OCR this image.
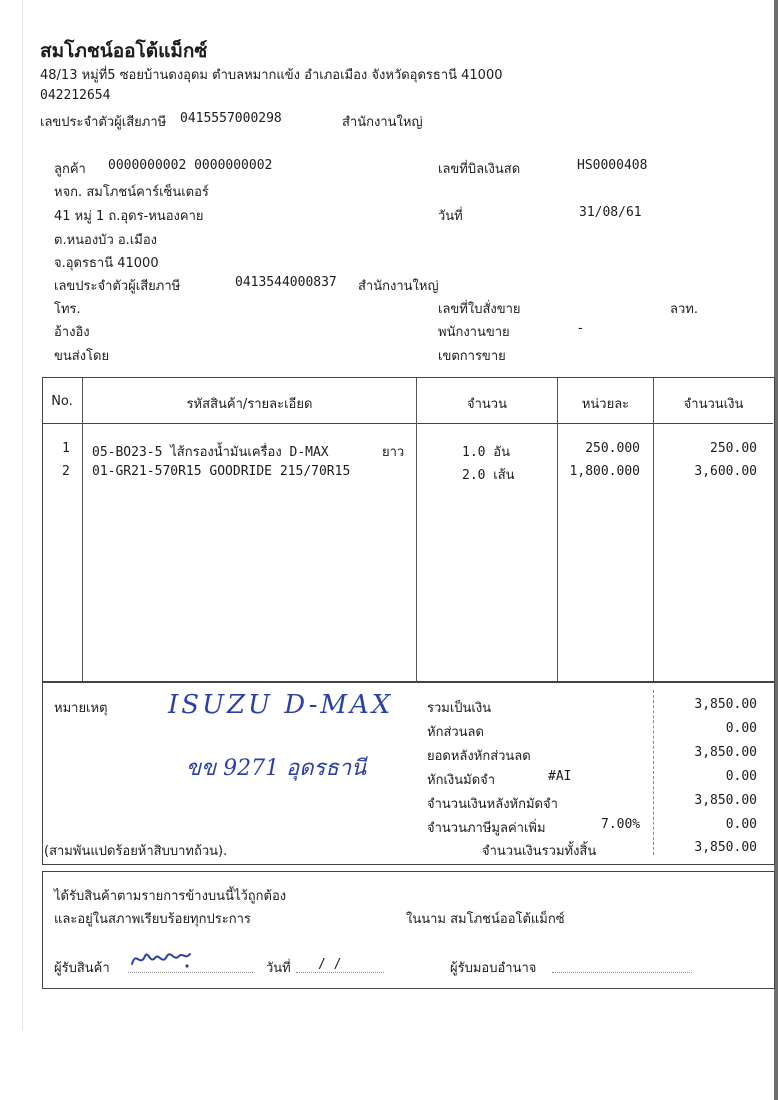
สมโภชน์ออโต้แม็กซ์
48/13 หมู่ที่5 ซอยบ้านดงอุดม ตำบลหมากแข้ง อำเภอเมือง จังหวัดอุดรธานี 41000
042212654
เลขประจำตัวผู้เสียภาษี 0415557000298	สำนักงานใหญ่
ลูกค้า 0000000002 0000000002
หจก. สมโภชน์คาร์เซ็นเตอร์
41 หมู่ 1 ถ.อุดร-หนองคาย
ต.หนองบัว อ.เมือง
จ.อุดรธานี 41000
เลขประจำตัวผู้เสียภาษี	0413544000837 สำนักงานใหญ่
โทร.
อ้างอิง
ขนส่งโดย
เลขที่บิลเงินสด	HS0000408
วันที่	31/08/61
เลขที่ใบสั่งขาย	ลวท.
พนักงานขาย	-
เขตการขาย
No.	รหัสสินค้า/รายละเอียด	จำนวน	หน่วยละ	จำนวนเงิน
1 05-BO23-5 ไส้กรองน้ำมันเครื่อง D-MAX	ยาว	1.0 อัน	250.000	250.00
2 01-GR21-570R15 GOODRIDE 215/70R15	2.0 เส้น	1,800.000	3,600.00
หมายเหตุ ISUZU D-MAX
ขข 9271 อุดรธานี
(สามพันแปดร้อยห้าสิบบาทถ้วน).
รวมเป็นเงิน	3,850.00
หักส่วนลด	0.00
ยอดหลังหักส่วนลด	3,850.00
หักเงินมัดจำ	#AI	0.00
จำนวนเงินหลังหักมัดจำ	3,850.00
จำนวนภาษีมูลค่าเพิ่ม	7.00%	0.00
จำนวนเงินรวมทั้งสิ้น	3,850.00
ได้รับสินค้าตามรายการข้างบนนี้ไว้ถูกต้อง
และอยู่ในสภาพเรียบร้อยทุกประการ	ในนาม สมโภชน์ออโต้แม็กซ์
ผู้รับสินค้า	วันที่ / /	ผู้รับมอบอำนาจ
